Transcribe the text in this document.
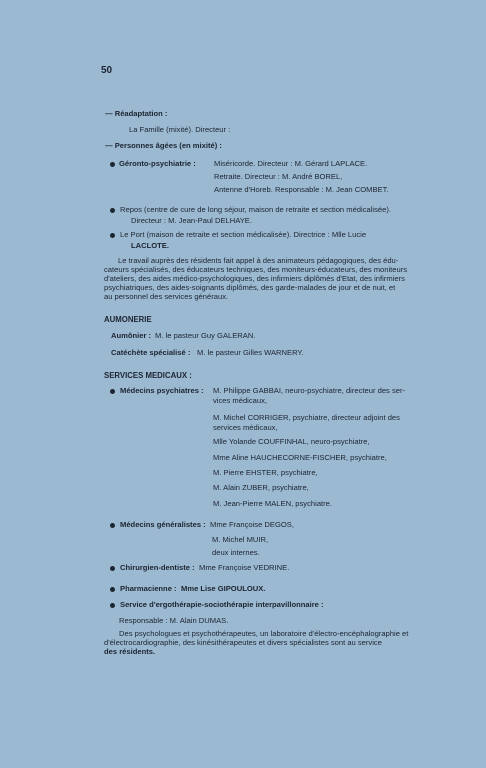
50
— Réadaptation :
La Famille (mixité). Directeur :
— Personnes âgées (en mixité) :
Géronto-psychiatrie : Miséricorde. Directeur : M. Gérard LAPLACE.
Retraite. Directeur : M. André BOREL,
Antenne d'Horeb. Responsable : M. Jean COMBET.
Repos (centre de cure de long séjour, maison de retraite et section médicalisée).
Directeur : M. Jean-Paul DELHAYE.
Le Port (maison de retraite et section médicalisée). Directrice : Mlle Lucie
LACLOTE.
Le travail auprès des résidents fait appel à des animateurs pédagogiques, des édu-
cateurs spécialisés, des éducateurs techniques, des moniteurs-éducateurs, des moniteurs
d'ateliers, des aides médico-psychologiques, des infirmiers diplômés d'Etat, des infirmiers
psychiatriques, des aides-soignants diplômés, des garde-malades de jour et de nuit, et
au personnel des services généraux.
AUMONERIE
Aumônier : M. le pasteur Guy GALERAN.
Catéchète spécialisé : M. le pasteur Gilles WARNERY.
SERVICES MEDICAUX :
Médecins psychiatres : M. Philippe GABBAI, neuro-psychiatre, directeur des ser-
vices médicaux,
M. Michel CORRIGER, psychiatre, directeur adjoint des
services médicaux,
Mlle Yolande COUFFINHAL, neuro-psychiatre,
Mme Aline HAUCHECORNE-FISCHER, psychiatre,
M. Pierre EHSTER, psychiatre,
M. Alain ZUBER, psychiatre,
M. Jean-Pierre MALEN, psychiatre.
Médecins généralistes : Mme Françoise DEGOS,
M. Michel MUIR,
deux internes.
Chirurgien-dentiste : Mme Françoise VEDRINE.
Pharmacienne : Mme Lise GIPOULOUX.
Service d'ergothérapie-sociothérapie interpavillonnaire :
Responsable : M. Alain DUMAS.
Des psychologues et psychothérapeutes, un laboratoire d'électro-encéphalographie et
d'électrocardiographie, des kinésithérapeutes et divers spécialistes sont au service
des résidents.
